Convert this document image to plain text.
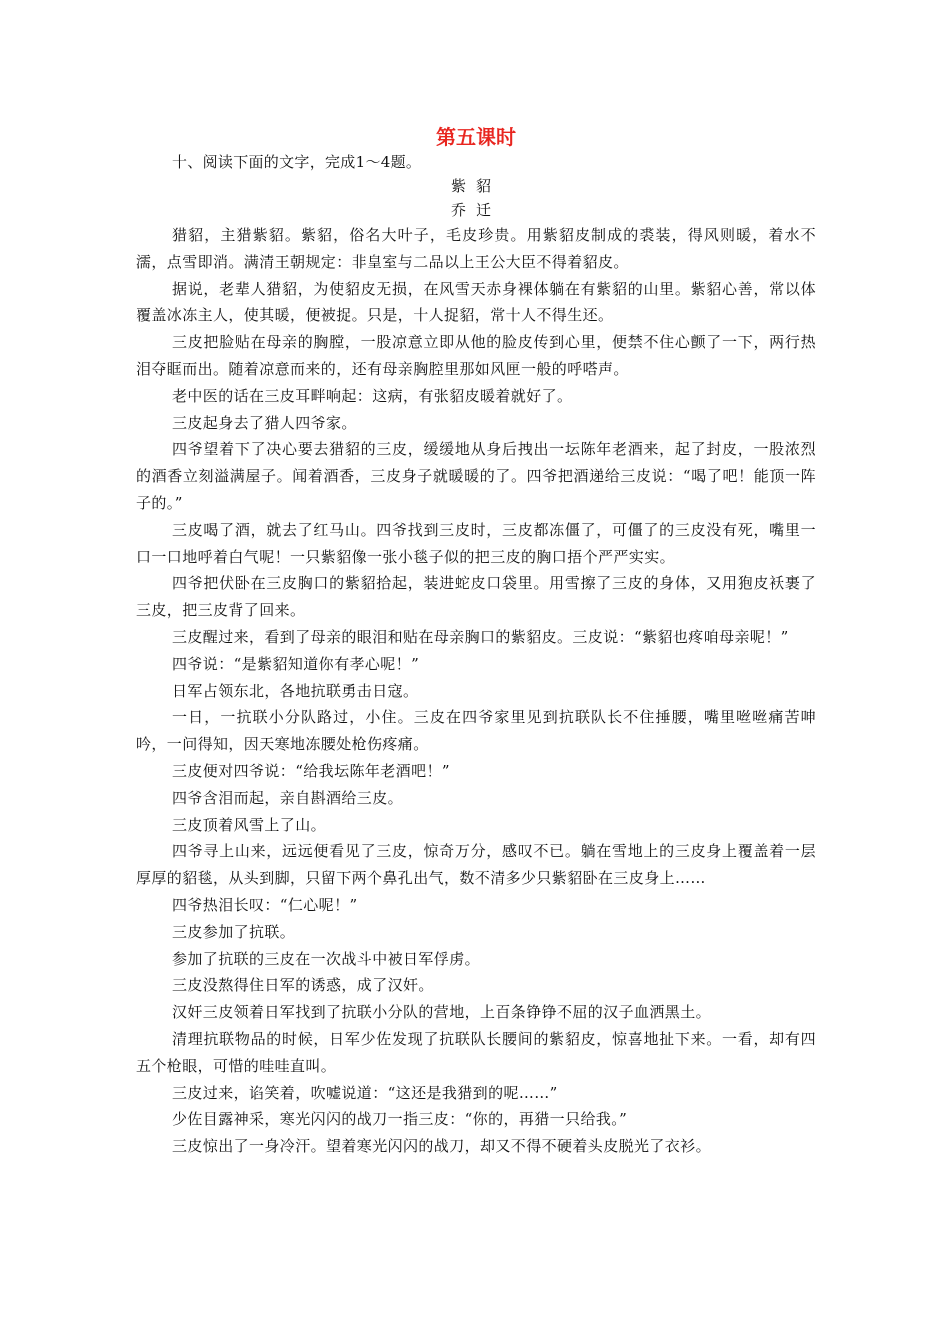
第五课时

十、阅读下面的文字，完成1～4题。

紫貂

乔迁

猎貂，主猎紫貂。紫貂，俗名大叶子，毛皮珍贵。用紫貂皮制成的裘装，得风则暖，着水不濡，点雪即消。满清王朝规定：非皇室与二品以上王公大臣不得着貂皮。

据说，老辈人猎貂，为使貂皮无损，在风雪天赤身裸体躺在有紫貂的山里。紫貂心善，常以体覆盖冰冻主人，使其暖，便被捉。只是，十人捉貂，常十人不得生还。

三皮把脸贴在母亲的胸膛，一股凉意立即从他的脸皮传到心里，便禁不住心颤了一下，两行热泪夺眶而出。随着凉意而来的，还有母亲胸腔里那如风匣一般的呼嗒声。

老中医的话在三皮耳畔响起：这病，有张貂皮暖着就好了。

三皮起身去了猎人四爷家。

四爷望着下了决心要去猎貂的三皮，缓缓地从身后拽出一坛陈年老酒来，起了封皮，一股浓烈的酒香立刻溢满屋子。闻着酒香，三皮身子就暖暖的了。四爷把酒递给三皮说：“喝了吧！能顶一阵子的。”

三皮喝了酒，就去了红马山。四爷找到三皮时，三皮都冻僵了，可僵了的三皮没有死，嘴里一口一口地呼着白气呢！一只紫貂像一张小毯子似的把三皮的胸口捂个严严实实。

四爷把伏卧在三皮胸口的紫貂拾起，装进蛇皮口袋里。用雪擦了三皮的身体，又用狍皮袄裹了三皮，把三皮背了回来。

三皮醒过来，看到了母亲的眼泪和贴在母亲胸口的紫貂皮。三皮说：“紫貂也疼咱母亲呢！”

四爷说：“是紫貂知道你有孝心呢！”

日军占领东北，各地抗联勇击日寇。

一日，一抗联小分队路过，小住。三皮在四爷家里见到抗联队长不住捶腰，嘴里咝咝痛苦呻吟，一问得知，因天寒地冻腰处枪伤疼痛。

三皮便对四爷说：“给我坛陈年老酒吧！”

四爷含泪而起，亲自斟酒给三皮。

三皮顶着风雪上了山。

四爷寻上山来，远远便看见了三皮，惊奇万分，感叹不已。躺在雪地上的三皮身上覆盖着一层厚厚的貂毯，从头到脚，只留下两个鼻孔出气，数不清多少只紫貂卧在三皮身上……

四爷热泪长叹：“仁心呢！”

三皮参加了抗联。

参加了抗联的三皮在一次战斗中被日军俘虏。

三皮没熬得住日军的诱惑，成了汉奸。

汉奸三皮领着日军找到了抗联小分队的营地，上百条铮铮不屈的汉子血洒黑土。

清理抗联物品的时候，日军少佐发现了抗联队长腰间的紫貂皮，惊喜地扯下来。一看，却有四五个枪眼，可惜的哇哇直叫。

三皮过来，谄笑着，吹嘘说道：“这还是我猎到的呢……”

少佐目露神采，寒光闪闪的战刀一指三皮：“你的，再猎一只给我。”

三皮惊出了一身冷汗。望着寒光闪闪的战刀，却又不得不硬着头皮脱光了衣衫。
